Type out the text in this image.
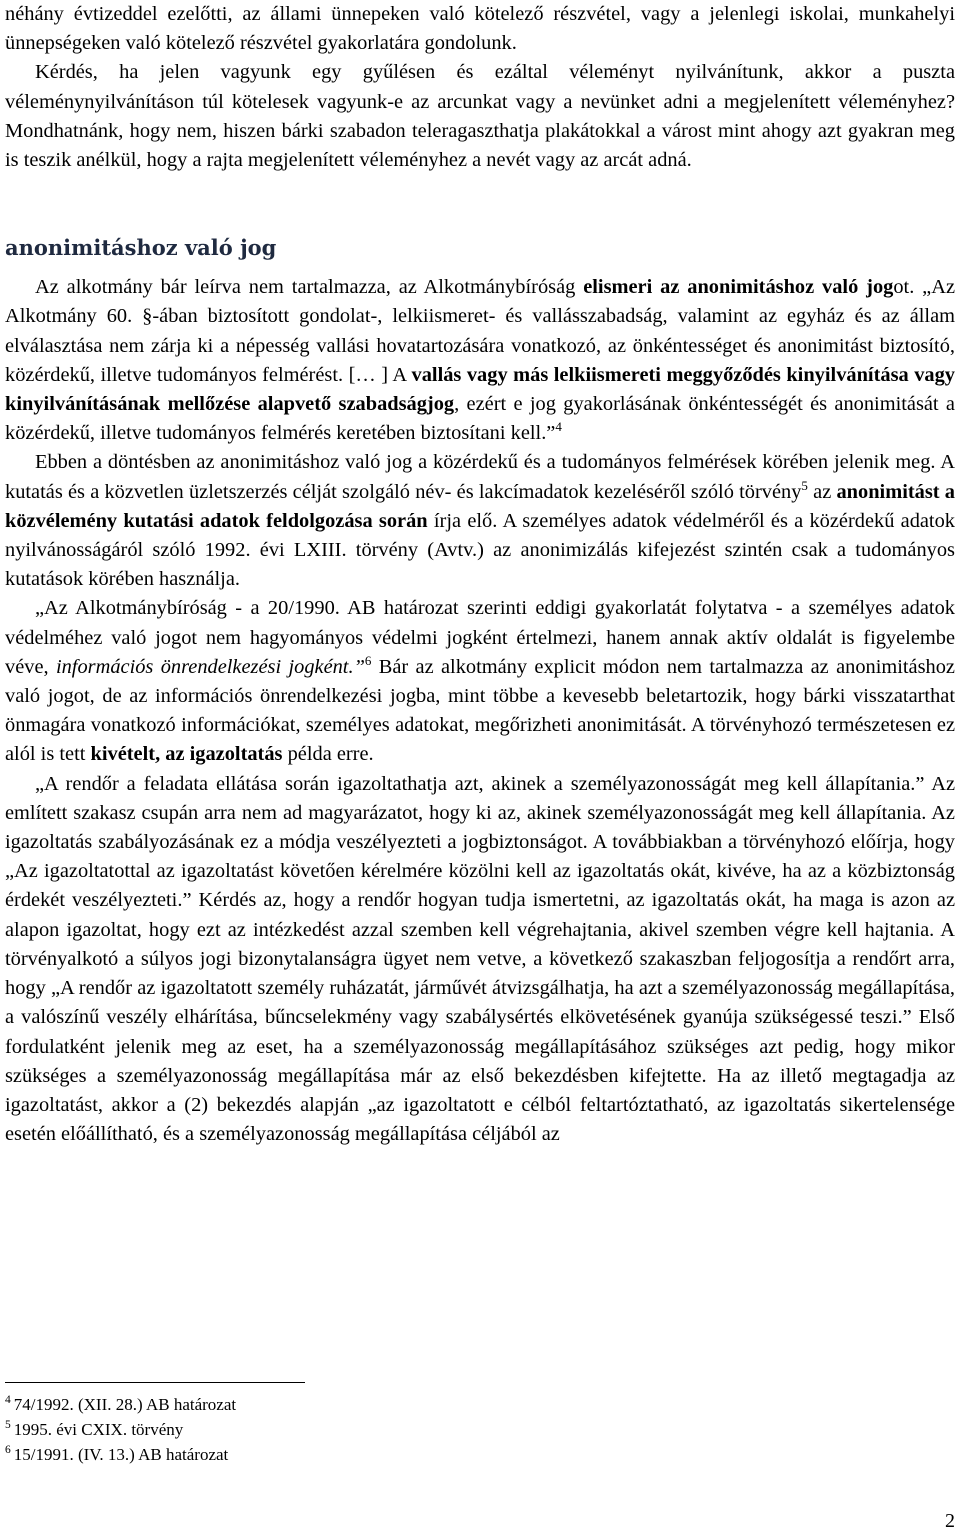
néhány évtizeddel ezelőtti, az állami ünnepeken való kötelező részvétel, vagy a jelenlegi iskolai, munkahelyi ünnepségeken való kötelező részvétel gyakorlatára gondolunk.

Kérdés, ha jelen vagyunk egy gyűlésen és ezáltal véleményt nyilvánítunk, akkor a puszta véleménynyilvánításon túl kötelesek vagyunk-e az arcunkat vagy a nevünket adni a megjelenített véleményhez? Mondhatnánk, hogy nem, hiszen bárki szabadon teleragaszthatja plakátokkal a várost mint ahogy azt gyakran meg is teszik anélkül, hogy a rajta megjelenített véleményhez a nevét vagy az arcát adná.

anonimitáshoz való jog

Az alkotmány bár leírva nem tartalmazza, az Alkotmánybíróság elismeri az anonimitáshoz való jogot. „Az Alkotmány 60. §-ában biztosított gondolat-, lelkiismeret- és vallásszabadság, valamint az egyház és az állam elválasztása nem zárja ki a népesség vallási hovatartozására vonatkozó, az önkéntességet és anonimitást biztosító, közérdekű, illetve tudományos felmérést. [… ] A vallás vagy más lelkiismereti meggyőződés kinyilvánítása vagy kinyilvánításának mellőzése alapvető szabadságjog, ezért e jog gyakorlásának önkéntességét és anonimitását a közérdekű, illetve tudományos felmérés keretében biztosítani kell.”$^4$

Ebben a döntésben az anonimitáshoz való jog a közérdekű és a tudományos felmérések körében jelenik meg. A kutatás és a közvetlen üzletszerzés célját szolgáló név- és lakcímadatok kezeléséről szóló törvény$^5$ az anonimitást a közvélemény kutatási adatok feldolgozása során írja elő. A személyes adatok védelméről és a közérdekű adatok nyilvánosságáról szóló 1992. évi LXIII. törvény (Avtv.) az anonimizálás kifejezést szintén csak a tudományos kutatások körében használja.

„Az Alkotmánybíróság - a 20/1990. AB határozat szerinti eddigi gyakorlatát folytatva - a személyes adatok védelméhez való jogot nem hagyományos védelmi jogként értelmezi, hanem annak aktív oldalát is figyelembe véve, információs önrendelkezési jogként.”$^6$ Bár az alkotmány explicit módon nem tartalmazza az anonimitáshoz való jogot, de az információs önrendelkezési jogba, mint többe a kevesebb beletartozik, hogy bárki visszatarthat önmagára vonatkozó információkat, személyes adatokat, megőrizheti anonimitását. A törvényhozó természetesen ez alól is tett kivételt, az igazoltatás példa erre.

„A rendőr a feladata ellátása során igazoltathatja azt, akinek a személyazonosságát meg kell állapítania.” Az említett szakasz csupán arra nem ad magyarázatot, hogy ki az, akinek személyazonosságát meg kell állapítania. Az igazoltatás szabályozásának ez a módja veszélyezteti a jogbiztonságot. A továbbiakban a törvényhozó előírja, hogy „Az igazoltatottal az igazoltatást követően kérelmére közölni kell az igazoltatás okát, kivéve, ha az a közbiztonság érdekét veszélyezteti.” Kérdés az, hogy a rendőr hogyan tudja ismertetni, az igazoltatás okát, ha maga is azon az alapon igazoltat, hogy ezt az intézkedést azzal szemben kell végrehajtania, akivel szemben végre kell hajtania. A törvényalkotó a súlyos jogi bizonytalanságra ügyet nem vetve, a következő szakaszban feljogosítja a rendőrt arra, hogy „A rendőr az igazoltatott személy ruházatát, járművét átvizsgálhatja, ha azt a személyazonosság megállapítása, a valószínű veszély elhárítása, bűncselekmény vagy szabálysértés elkövetésének gyanúja szükségessé teszi.” Első fordulatként jelenik meg az eset, ha a személyazonosság megállapításához szükséges azt pedig, hogy mikor szükséges a személyazonosság megállapítása már az első bekezdésben kifejtette. Ha az illető megtagadja az igazoltatást, akkor a (2) bekezdés alapján „az igazoltatott e célból feltartóztatható, az igazoltatás sikertelensége esetén előállítható, és a személyazonosság megállapítása céljából az

$^4$ 74/1992. (XII. 28.) AB határozat
$^5$ 1995. évi CXIX. törvény
$^6$ 15/1991. (IV. 13.) AB határozat
2
